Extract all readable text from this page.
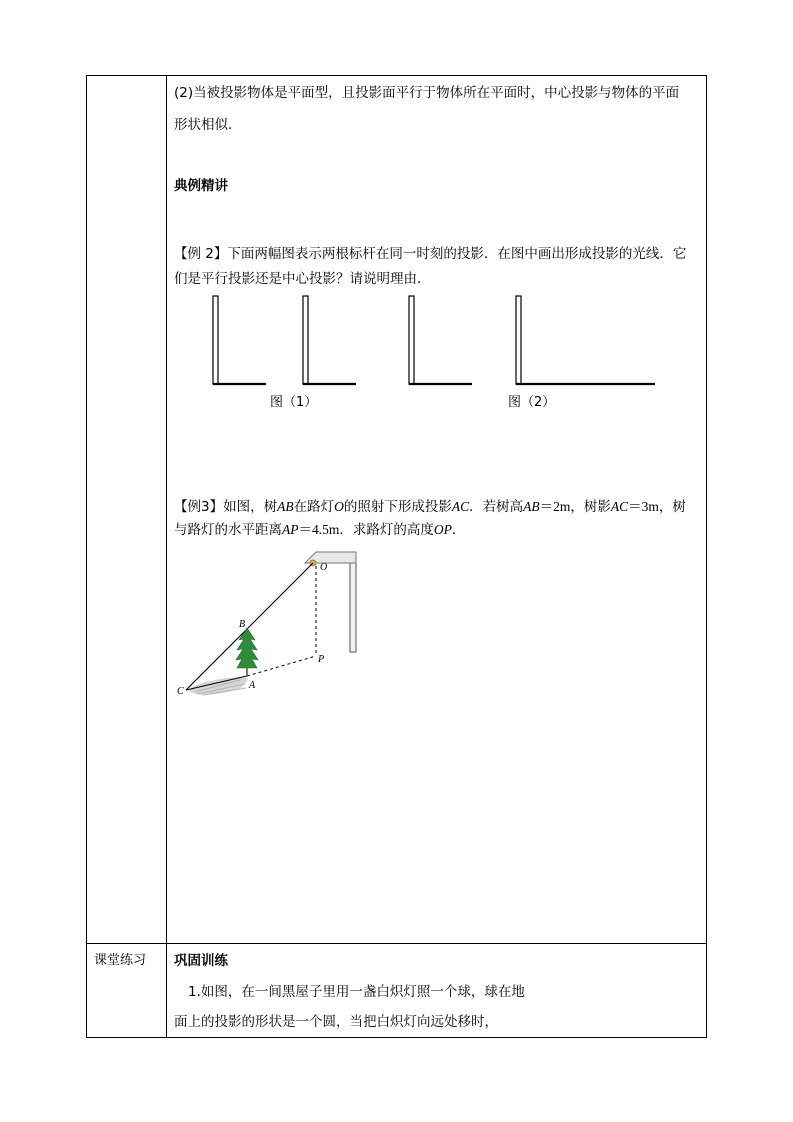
(2)当被投影物体是平面型，且投影面平行于物体所在平面时，中心投影与物体的平面
形状相似．
典例精讲
【例 2】下面两幅图表示两根标杆在同一时刻的投影．在图中画出形成投影的光线．它
们是平行投影还是中心投影？请说明理由．
图（1）	图（2）
【例3】如图，树AB在路灯O的照射下形成投影AC．若树高AB＝2m，树影AC＝3m，树
与路灯的水平距离AP＝4.5m．求路灯的高度OP．
O
B
P
A
C
课堂练习 巩固训练
1.如图，在一间黑屋子里用一盏白炽灯照一个球，球在地
面上的投影的形状是一个圆，当把白炽灯向远处移时，
